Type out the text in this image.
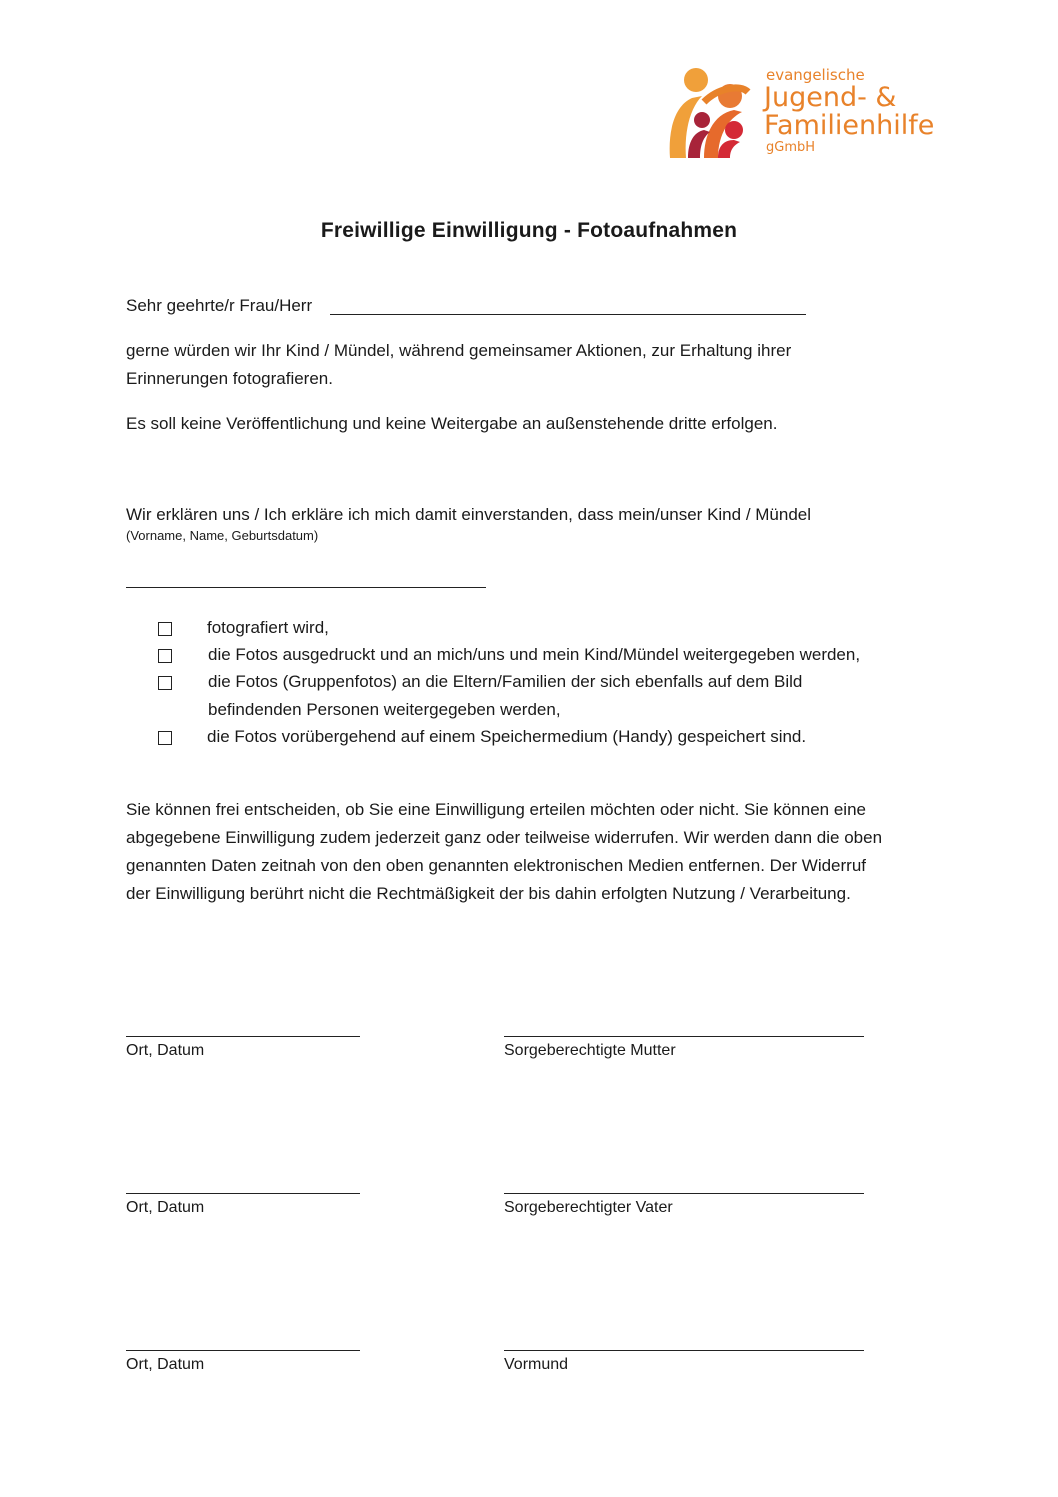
evangelische
Jugend- &
Familienhilfe
gGmbH
Freiwillige Einwilligung - Fotoaufnahmen
Sehr geehrte/r Frau/Herr
gerne würden wir Ihr Kind / Mündel, während gemeinsamer Aktionen, zur Erhaltung ihrer
Erinnerungen fotografieren.
Es soll keine Veröffentlichung und keine Weitergabe an außenstehende dritte erfolgen.
Wir erklären uns / Ich erkläre ich mich damit einverstanden, dass mein/unser Kind / Mündel
(Vorname, Name, Geburtsdatum)
fotografiert wird,
die Fotos ausgedruckt und an mich/uns und mein Kind/Mündel weitergegeben werden,
die Fotos (Gruppenfotos) an die Eltern/Familien der sich ebenfalls auf dem Bild
befindenden Personen weitergegeben werden,
die Fotos vorübergehend auf einem Speichermedium (Handy) gespeichert sind.
Sie können frei entscheiden, ob Sie eine Einwilligung erteilen möchten oder nicht. Sie können eine
abgegebene Einwilligung zudem jederzeit ganz oder teilweise widerrufen. Wir werden dann die oben
genannten Daten zeitnah von den oben genannten elektronischen Medien entfernen. Der Widerruf
der Einwilligung berührt nicht die Rechtmäßigkeit der bis dahin erfolgten Nutzung / Verarbeitung.
Ort, Datum	Sorgeberechtigte Mutter
Ort, Datum	Sorgeberechtigter Vater
Ort, Datum	Vormund
